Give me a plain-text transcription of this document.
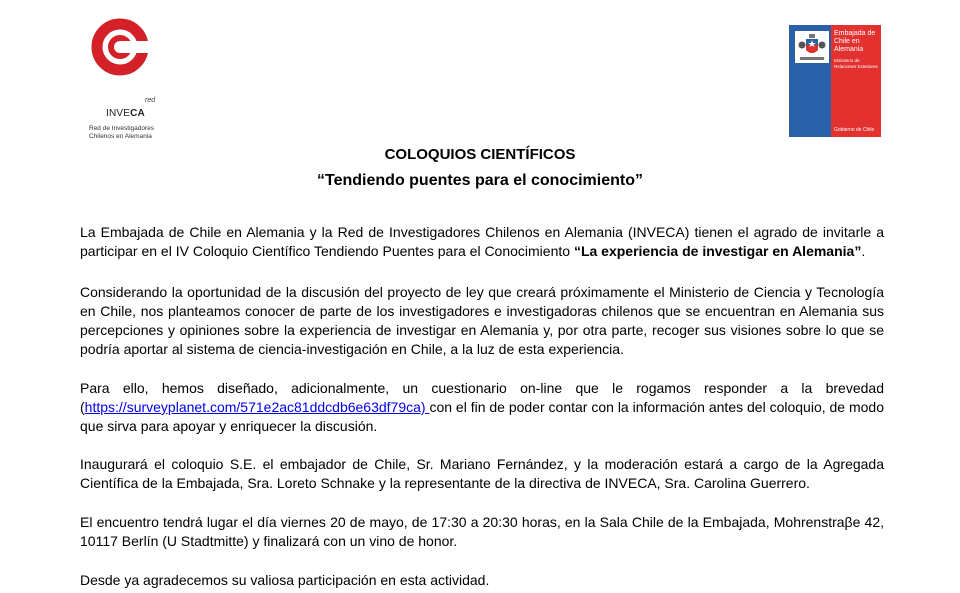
red
INVECA
Red de Investigadores
Chilenos en Alemania
Embajada de
Chile en
Alemania
Ministerio de Relaciones Exteriores
Gobierno de Chile
COLOQUIOS CIENTÍFICOS
“Tendiendo puentes para el conocimiento”
La Embajada de Chile en Alemania y la Red de Investigadores Chilenos en Alemania (INVECA) tienen el agrado de invitarle a participar en el IV Coloquio Científico Tendiendo Puentes para el Conocimiento “La experiencia de investigar en Alemania”.
Considerando la oportunidad de la discusión del proyecto de ley que creará próximamente el Ministerio de Ciencia y Tecnología en Chile, nos planteamos conocer de parte de los investigadores e investigadoras chilenos que se encuentran en Alemania sus percepciones y opiniones sobre la experiencia de investigar en Alemania y, por otra parte, recoger sus visiones sobre lo que se podría aportar al sistema de ciencia-investigación en Chile, a la luz de esta experiencia.
Para ello, hemos diseñado, adicionalmente, un cuestionario on-line que le rogamos responder a la brevedad (https://surveyplanet.com/571e2ac81ddcdb6e63df79ca) con el fin de poder contar con la información antes del coloquio, de modo que sirva para apoyar y enriquecer la discusión.
Inaugurará el coloquio S.E. el embajador de Chile, Sr. Mariano Fernández, y la moderación estará a cargo de la Agregada Científica de la Embajada, Sra. Loreto Schnake y la representante de la directiva de INVECA, Sra. Carolina Guerrero.
El encuentro tendrá lugar el día viernes 20 de mayo, de 17:30 a 20:30 horas, en la Sala Chile de la Embajada, Mohrenstraβe 42, 10117 Berlín (U Stadtmitte) y finalizará con un vino de honor.
Desde ya agradecemos su valiosa participación en esta actividad.
